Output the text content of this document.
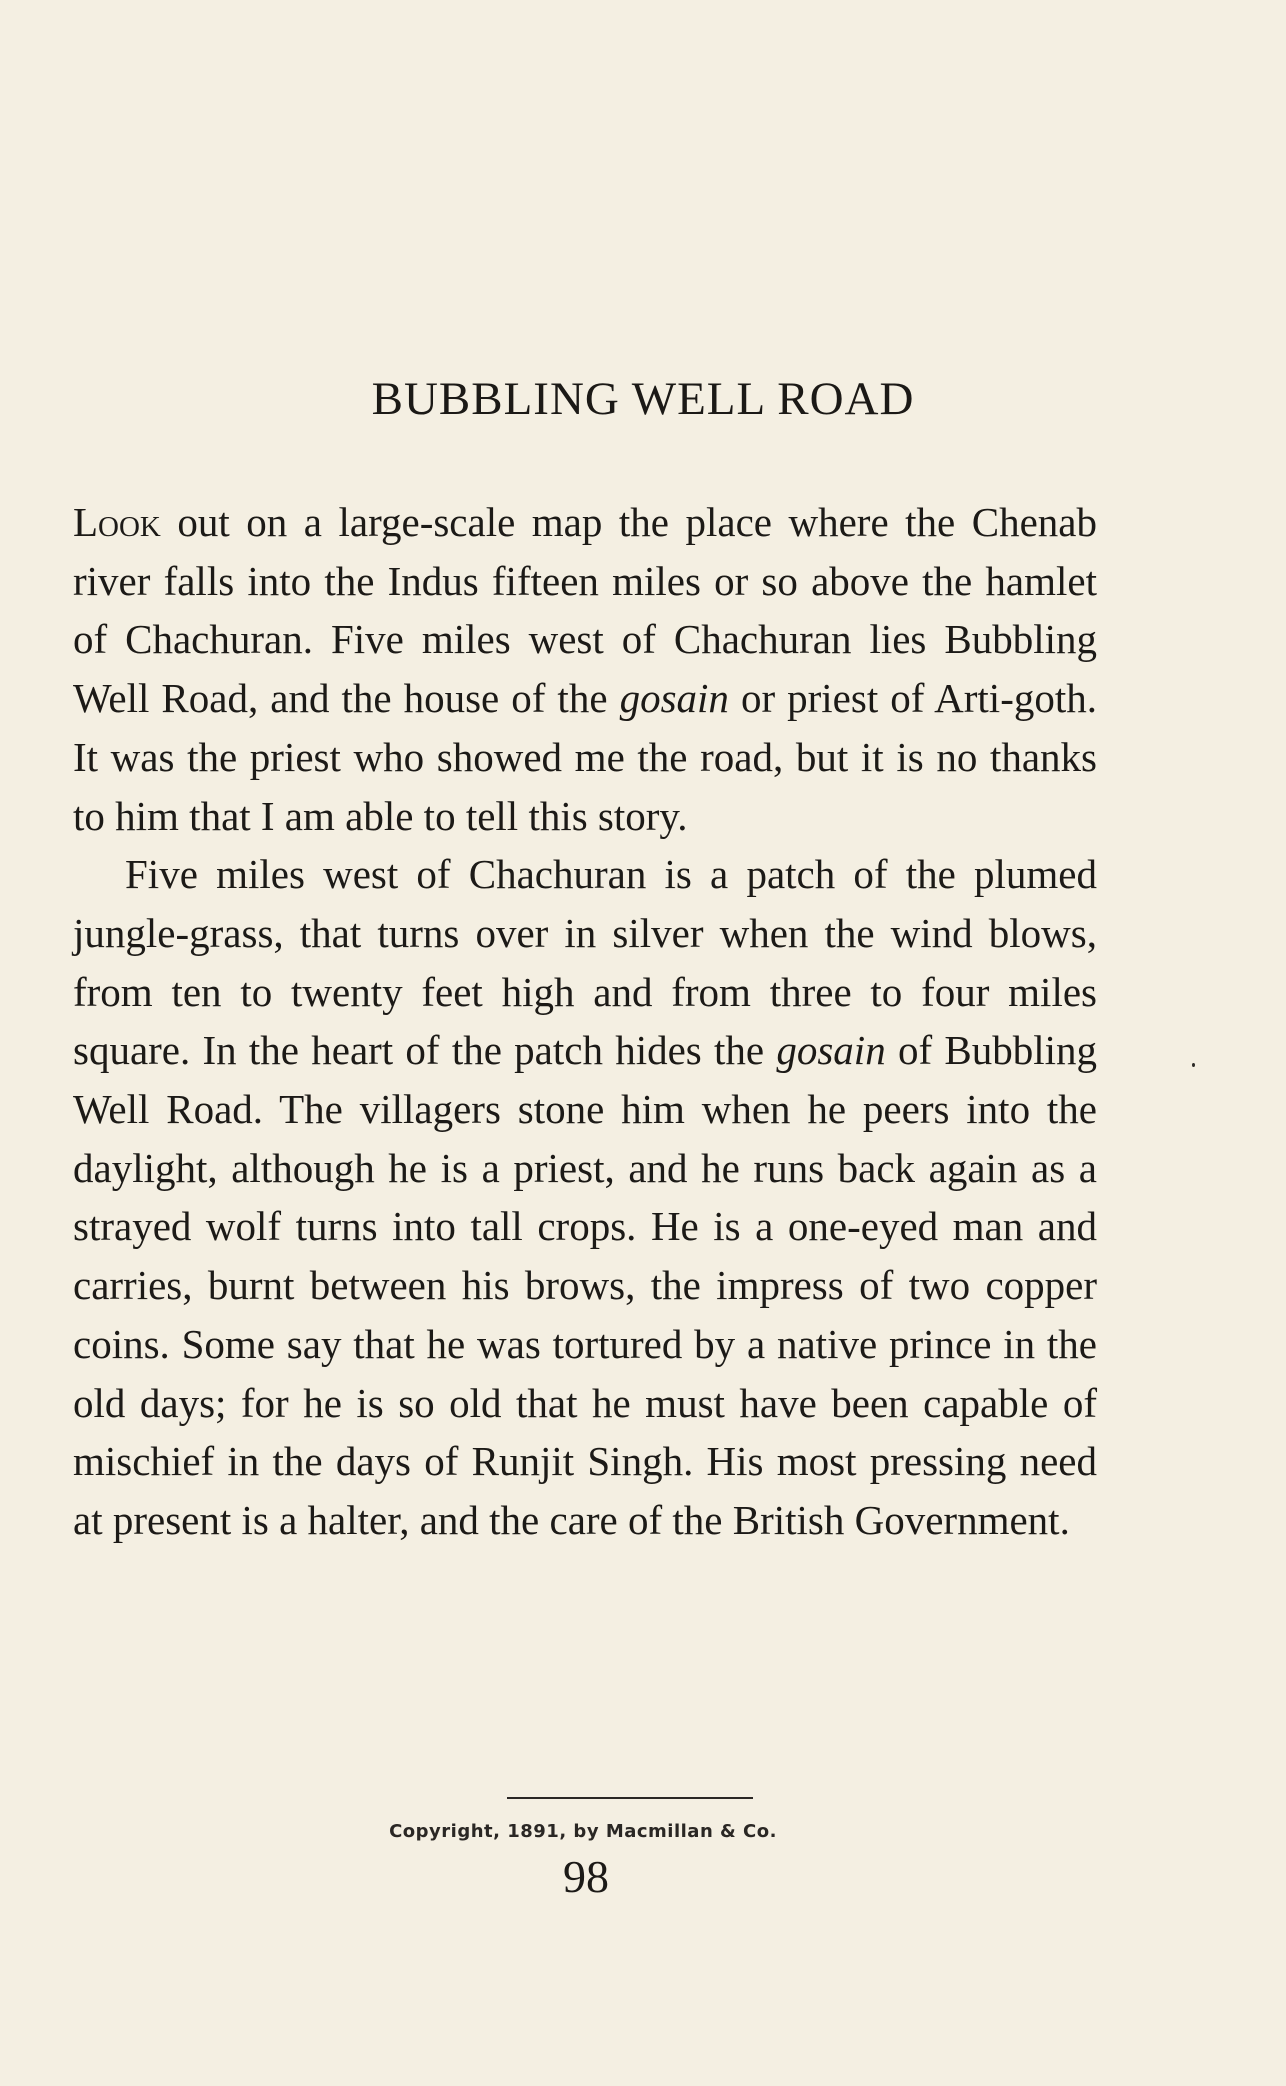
BUBBLING WELL ROAD

Look out on a large-scale map the place where the Chenab river falls into the Indus fifteen miles or so above the hamlet of Chachuran. Five miles west of Chachuran lies Bubbling Well Road, and the house of the gosain or priest of Arti-goth. It was the priest who showed me the road, but it is no thanks to him that I am able to tell this story.

Five miles west of Chachuran is a patch of the plumed jungle-grass, that turns over in silver when the wind blows, from ten to twenty feet high and from three to four miles square. In the heart of the patch hides the gosain of Bubbling Well Road. The villagers stone him when he peers into the daylight, although he is a priest, and he runs back again as a strayed wolf turns into tall crops. He is a one-eyed man and carries, burnt between his brows, the impress of two copper coins. Some say that he was tortured by a native prince in the old days; for he is so old that he must have been capable of mischief in the days of Runjit Singh. His most pressing need at present is a halter, and the care of the British Government.

Copyright, 1891, by Macmillan & Co.
98
